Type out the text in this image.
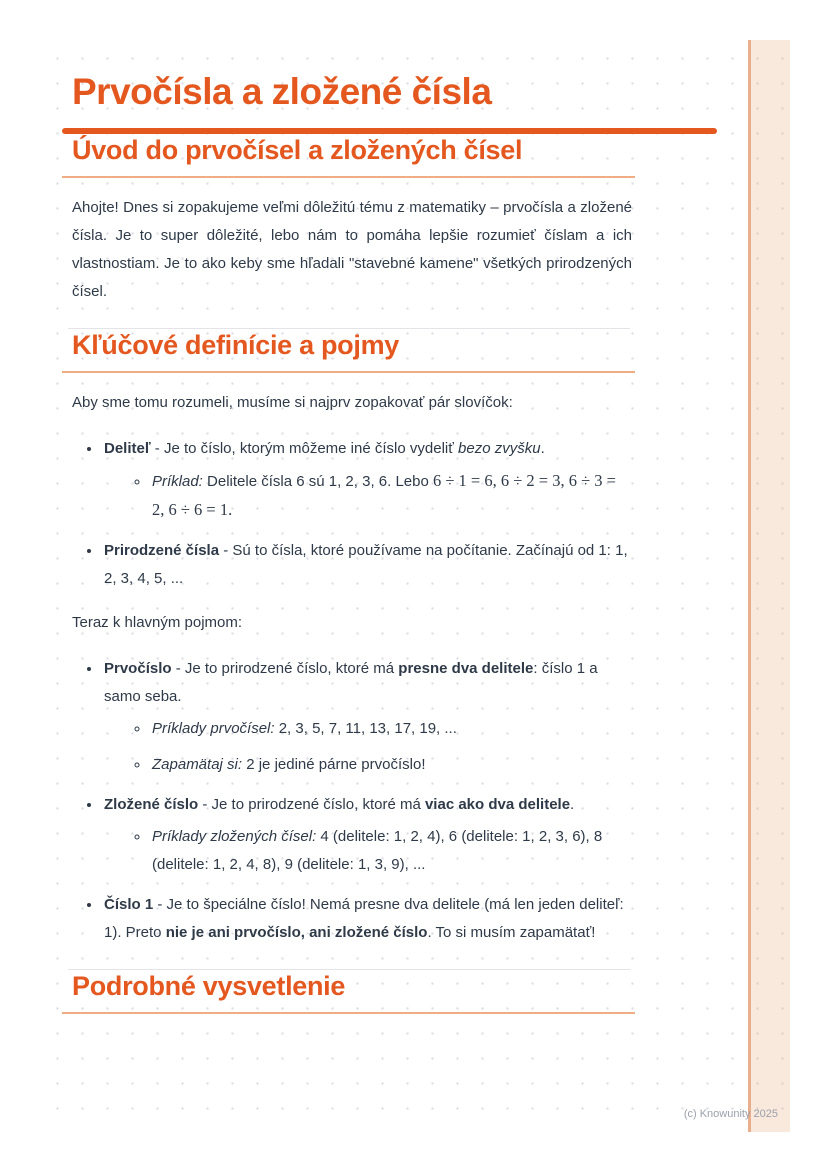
Prvočísla a zložené čísla
Úvod do prvočísel a zložených čísel

Ahojte! Dnes si zopakujeme veľmi dôležitú tému z matematiky – prvočísla a zložené čísla. Je to super dôležité, lebo nám to pomáha lepšie rozumieť číslam a ich vlastnostiam. Je to ako keby sme hľadali "stavebné kamene" všetkých prirodzených čísel.

Kľúčové definície a pojmy

Aby sme tomu rozumeli, musíme si najprv zopakovať pár slovíčok:

• Deliteľ - Je to číslo, ktorým môžeme iné číslo vydeliť bezo zvyšku.
◦ Príklad: Delitele čísla 6 sú 1, 2, 3, 6. Lebo 6 ÷ 1 = 6, 6 ÷ 2 = 3, 6 ÷ 3 = 2, 6 ÷ 6 = 1.
• Prirodzené čísla - Sú to čísla, ktoré používame na počítanie. Začínajú od 1: 1, 2, 3, 4, 5, ...

Teraz k hlavným pojmom:

• Prvočíslo - Je to prirodzené číslo, ktoré má presne dva delitele: číslo 1 a samo seba.
◦ Príklady prvočísel: 2, 3, 5, 7, 11, 13, 17, 19, ...
◦ Zapamätaj si: 2 je jediné párne prvočíslo!
• Zložené číslo - Je to prirodzené číslo, ktoré má viac ako dva delitele.
◦ Príklady zložených čísel: 4 (delitele: 1, 2, 4), 6 (delitele: 1, 2, 3, 6), 8 (delitele: 1, 2, 4, 8), 9 (delitele: 1, 3, 9), ...
• Číslo 1 - Je to špeciálne číslo! Nemá presne dva delitele (má len jeden deliteľ: 1). Preto nie je ani prvočíslo, ani zložené číslo. To si musím zapamätať!
Podrobné vysvetlenie
(c) Knowunity 2025
